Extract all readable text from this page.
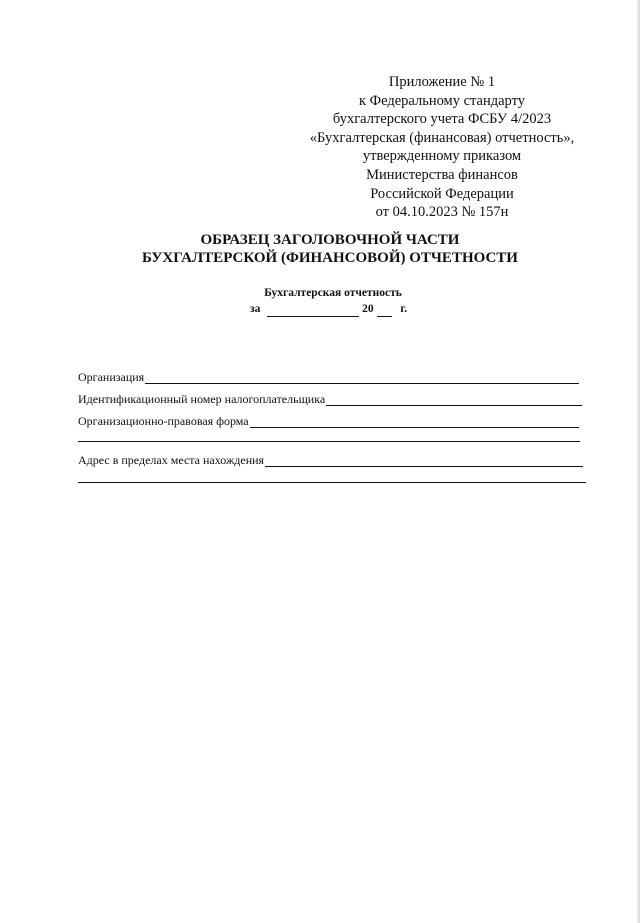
Приложение № 1
к Федеральному стандарту
бухгалтерского учета ФСБУ 4/2023
«Бухгалтерская (финансовая) отчетность»,
утвержденному приказом
Министерства финансов
Российской Федерации
от 04.10.2023 № 157н
ОБРАЗЕЦ ЗАГОЛОВОЧНОЙ ЧАСТИ
БУХГАЛТЕРСКОЙ (ФИНАНСОВОЙ) ОТЧЕТНОСТИ
Бухгалтерская отчетность
за	20 г.
Организация
Идентификационный номер налогоплательщика
Организационно-правовая форма
Адрес в пределах места нахождения
